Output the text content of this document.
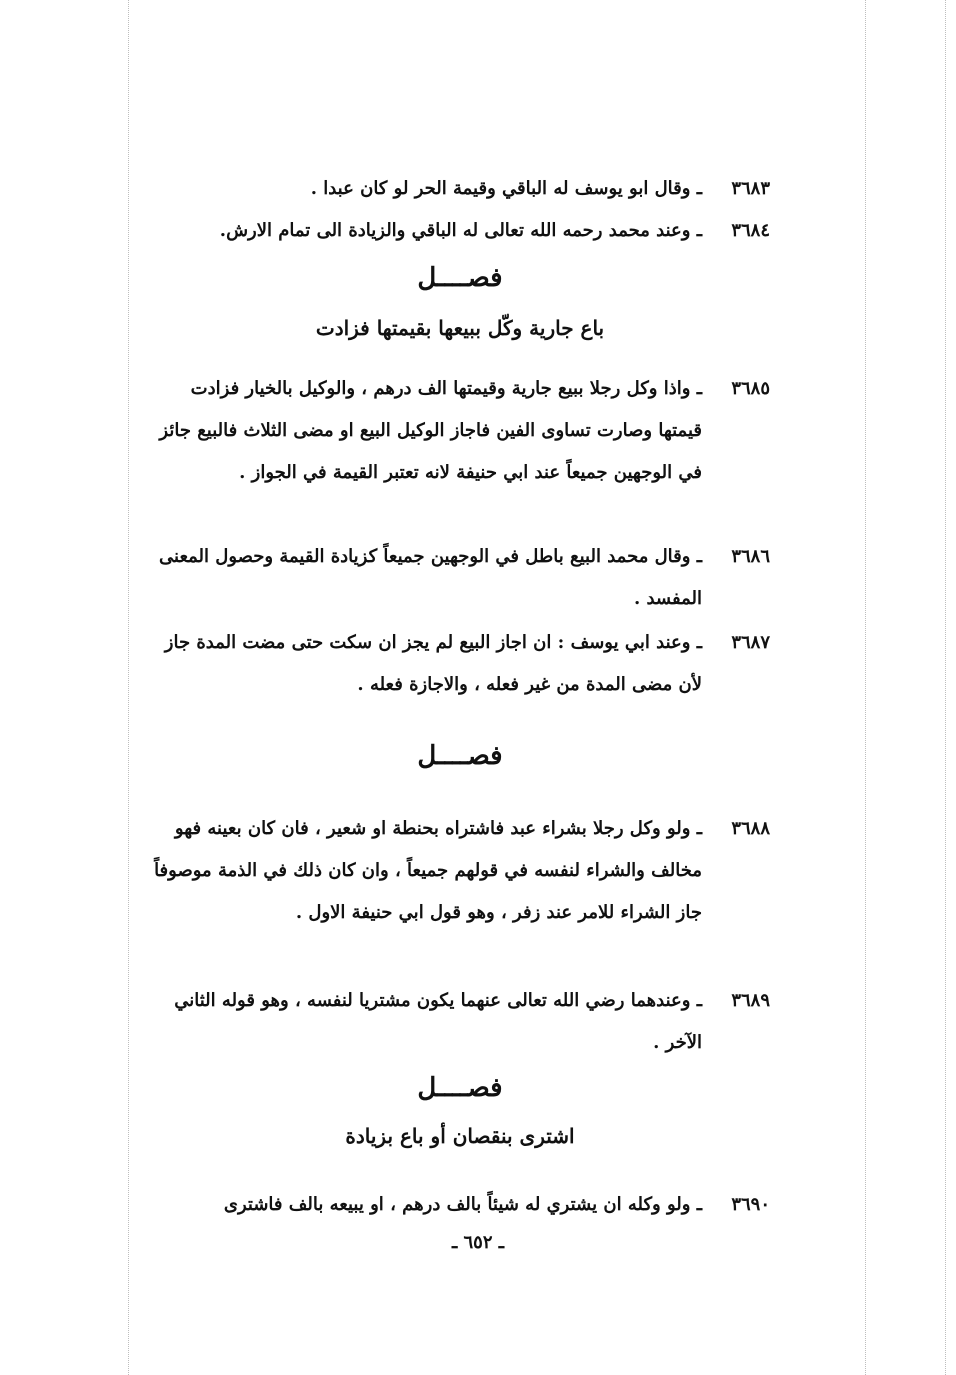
٣٦٨٣
ـ وقال ابو يوسف له الباقي وقيمة الحر لو كان عبدا .

٣٦٨٤
ـ وعند محمد رحمه الله تعالى له الباقي والزيادة الى تمام الارش.

فصــــل

باع جارية وكّل ببيعها بقيمتها فزادت

٣٦٨٥
ـ واذا وكل رجلا ببيع جارية وقيمتها الف درهم ، والوكيل بالخيار فزادت قيمتها وصارت تساوى الفين فاجاز الوكيل البيع او مضى الثلاث فالبيع جائز في الوجهين جميعاً عند ابي حنيفة لانه تعتبر القيمة في الجواز .

٣٦٨٦
ـ وقال محمد البيع باطل في الوجهين جميعاً كزيادة القيمة وحصول المعنى المفسد .

٣٦٨٧
ـ وعند ابي يوسف : ان اجاز البيع لم يجز ان سكت حتى مضت المدة جاز لأن مضى المدة من غير فعله ، والاجازة فعله .

فصــــل

٣٦٨٨
ـ ولو وكل رجلا بشراء عبد فاشتراه بحنطة او شعير ، فان كان بعينه فهو مخالف والشراء لنفسه في قولهم جميعاً ، وان كان ذلك في الذمة موصوفاً جاز الشراء للامر عند زفر ، وهو قول ابي حنيفة الاول .

٣٦٨٩
ـ وعندهما رضي الله تعالى عنهما يكون مشتريا لنفسه ، وهو قوله الثاني الآخر .

فصــــل

اشترى بنقصان أو باع بزيادة

٣٦٩٠
ـ ولو وكله ان يشتري له شيئاً بالف درهم ، او يبيعه بالف فاشترى

ـ ٦٥٢ ـ
